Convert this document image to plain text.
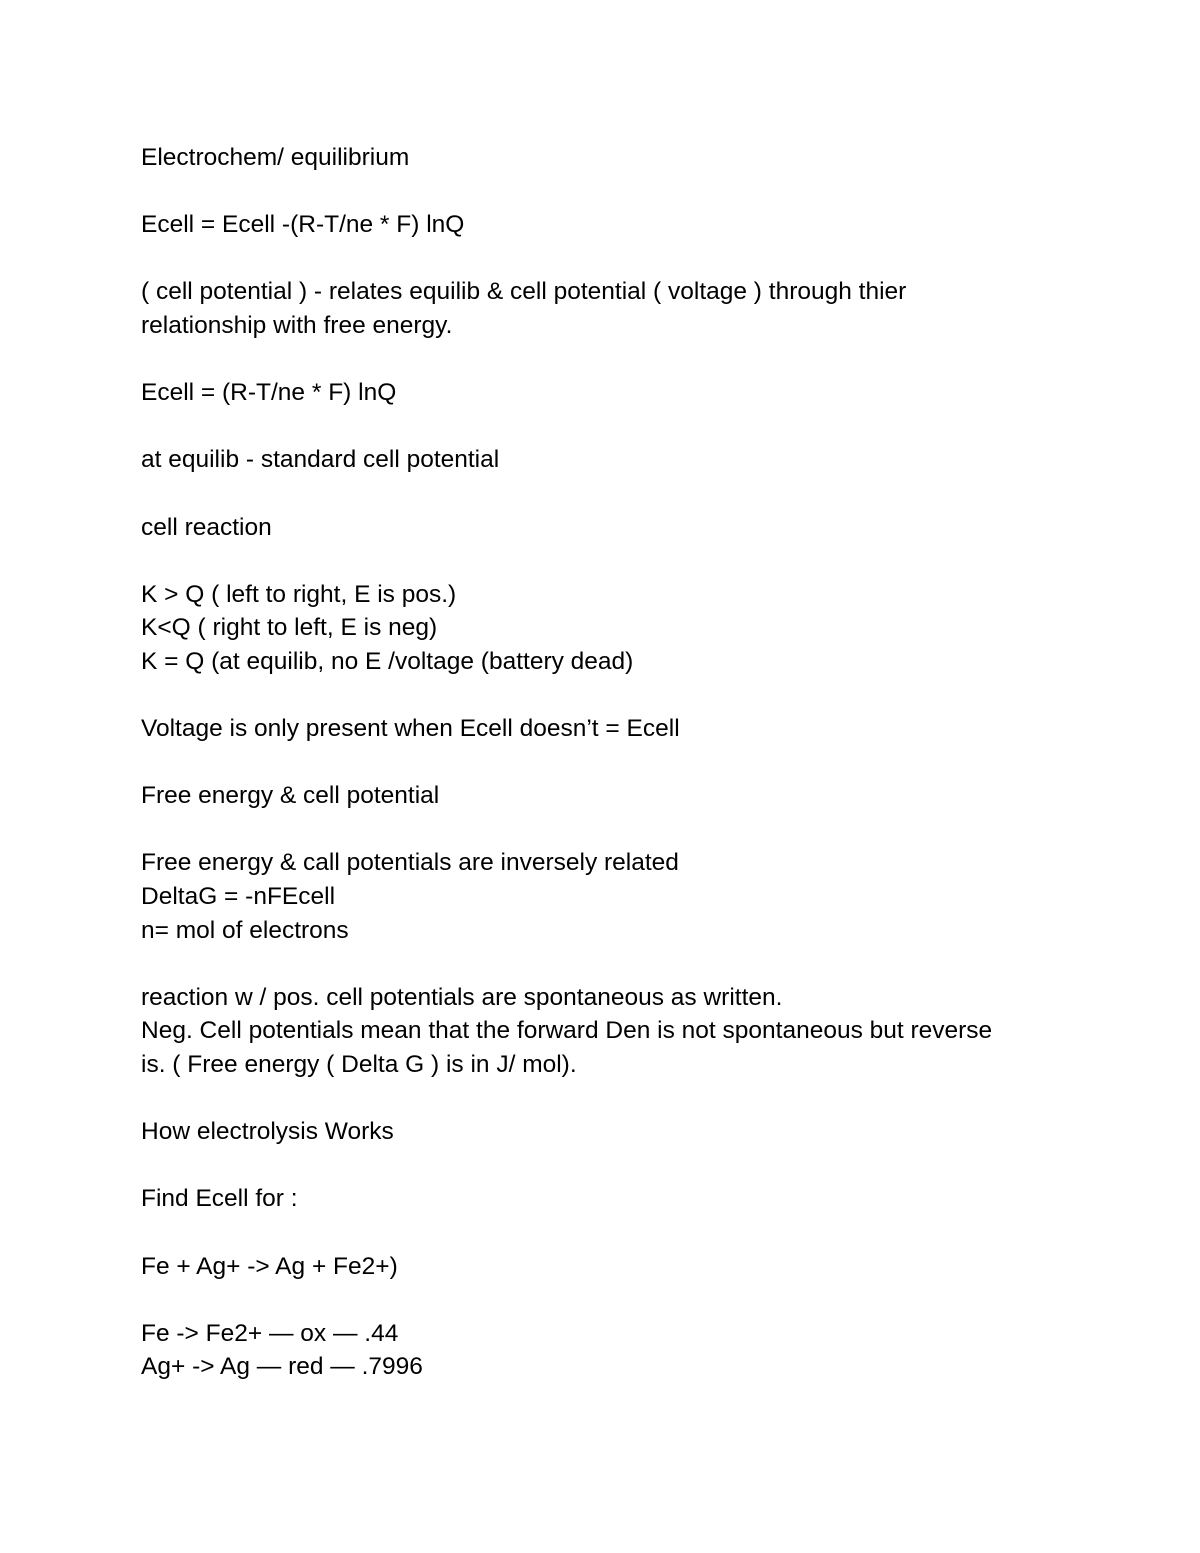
Electrochem/ equilibrium
Ecell = Ecell -(R-T/ne * F) lnQ
( cell potential ) - relates equilib & cell potential ( voltage ) through thier
relationship with free energy.
Ecell = (R-T/ne * F) lnQ
at equilib - standard cell potential
cell reaction
K > Q ( left to right, E is pos.)
K<Q ( right to left, E is neg)
K = Q (at equilib, no E /voltage (battery dead)
Voltage is only present when Ecell doesn’t = Ecell
Free energy & cell potential
Free energy & call potentials are inversely related
DeltaG = -nFEcell
n= mol of electrons
reaction w / pos. cell potentials are spontaneous as written.
Neg. Cell potentials mean that the forward Den is not spontaneous but reverse
is. ( Free energy ( Delta G ) is in J/ mol).
How electrolysis Works
Find Ecell for :
Fe + Ag+ -> Ag + Fe2+)
Fe -> Fe2+ — ox — .44
Ag+ -> Ag — red — .7996
